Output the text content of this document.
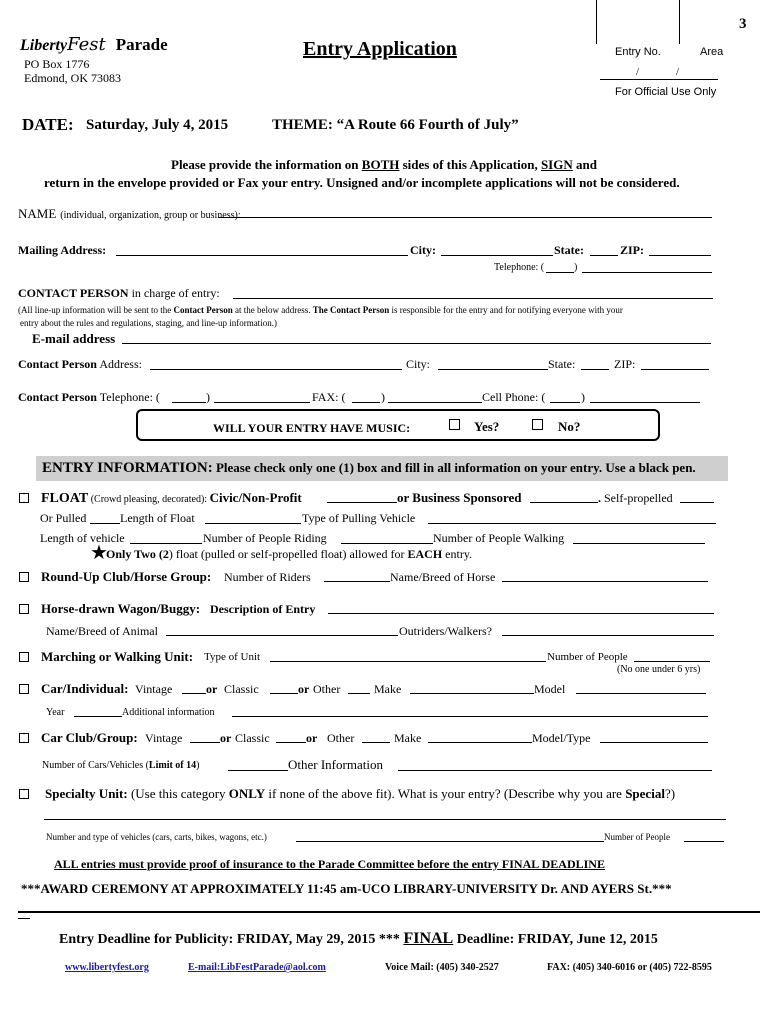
3
LibertyFest Parade
PO Box 1776
Edmond, OK 73083
Entry Application	Entry No.	Area
/	/
For Official Use Only
DATE: Saturday, July 4, 2015	THEME: “A Route 66 Fourth of July”
Please provide the information on BOTH sides of this Application, SIGN and
return in the envelope provided or Fax your entry. Unsigned and/or incomplete applications will not be considered.
NAME (individual, organization, group or business):
Mailing Address:	City:	State:	ZIP:
Telephone: (	)
CONTACT PERSON in charge of entry:
(All line-up information will be sent to the Contact Person at the below address. The Contact Person is responsible for the entry and for notifying everyone with your
entry about the rules and regulations, staging, and line-up information.)
E-mail address
Contact Person Address:	City:	State:	ZIP:
Contact Person Telephone: (	)	FAX: (	)	Cell Phone: (	)
WILL YOUR ENTRY HAVE MUSIC:	Yes?	No?
ENTRY INFORMATION: Please check only one (1) box and fill in all information on your entry. Use a black pen.
FLOAT (Crowd pleasing, decorated): Civic/Non-Profit	or Business Sponsored	. Self-propelled
Or Pulled	Length of Float	Type of Pulling Vehicle
Length of vehicle	Number of People Riding	Number of People Walking
★
Only Two (2) float (pulled or self-propelled float) allowed for EACH entry.
Round-Up Club/Horse Group: Number of Riders	Name/Breed of Horse
Horse-drawn Wagon/Buggy: Description of Entry
Name/Breed of Animal	Outriders/Walkers?
Marching or Walking Unit: Type of Unit	Number of People
(No one under 6 yrs)
Car/Individual: Vintage	or Classic	or Other	Make	Model
Year	Additional information
Car Club/Group: Vintage	or Classic	or Other	Make	Model/Type
Number of Cars/Vehicles (Limit of 14)	Other Information
Specialty Unit: (Use this category ONLY if none of the above fit). What is your entry? (Describe why you are Special?)
Number and type of vehicles (cars, carts, bikes, wagons, etc.)	Number of People
ALL entries must provide proof of insurance to the Parade Committee before the entry FINAL DEADLINE
***AWARD CEREMONY AT APPROXIMATELY 11:45 am-UCO LIBRARY-UNIVERSITY Dr. AND AYERS St.***
Entry Deadline for Publicity: FRIDAY, May 29, 2015 *** FINAL Deadline: FRIDAY, June 12, 2015
www.libertyfest.org	E-mail:LibFestParade@aol.com	Voice Mail: (405) 340-2527	FAX: (405) 340-6016 or (405) 722-8595
